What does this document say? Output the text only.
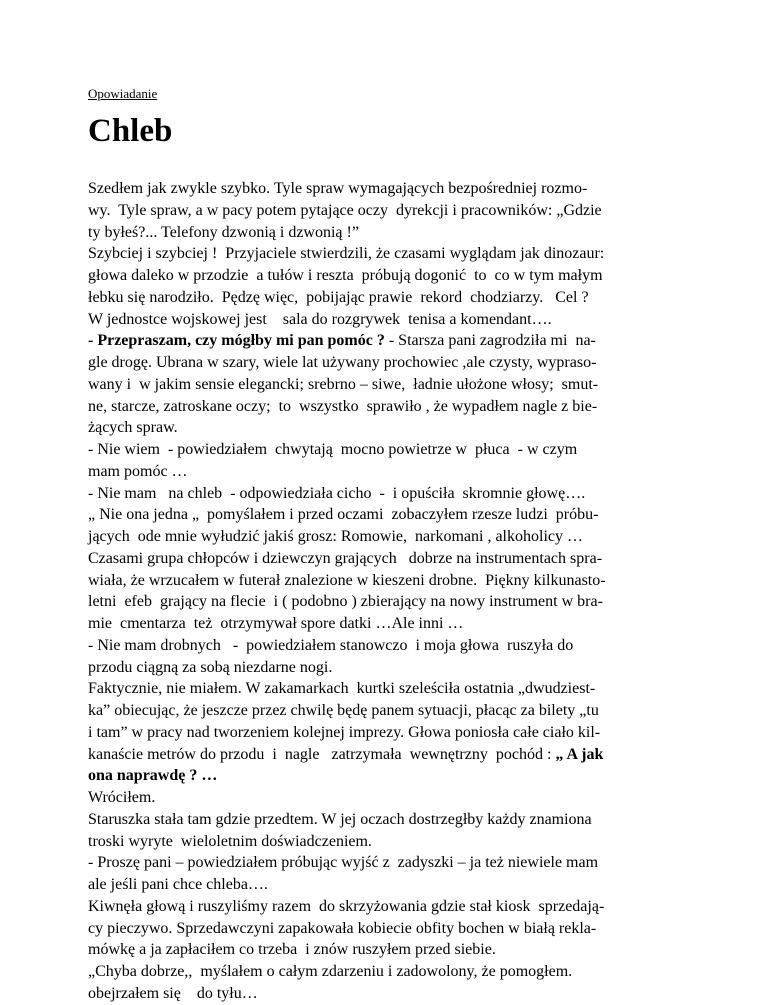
Opowiadanie

Chleb
Szedłem jak zwykle szybko. Tyle spraw wymagających bezpośredniej rozmo-
wy.  Tyle spraw, a w pacy potem pytające oczy  dyrekcji i pracowników: „Gdzie
ty byłeś?... Telefony dzwonią i dzwonią !”
Szybciej i szybciej !  Przyjaciele stwierdzili, że czasami wyglądam jak dinozaur:
głowa daleko w przodzie  a tułów i reszta  próbują dogonić  to  co w tym małym
łebku się narodziło.  Pędzę więc,  pobijając prawie  rekord  chodziarzy.   Cel ?
W jednostce wojskowej jest    sala do rozgrywek  tenisa a komendant….
- Przepraszam, czy mógłby mi pan pomóc ? - Starsza pani zagrodziła mi  na-
gle drogę. Ubrana w szary, wiele lat używany prochowiec ,ale czysty, wypraso-
wany i  w jakim sensie elegancki; srebrno – siwe,  ładnie ułożone włosy;  smut-
ne, starcze, zatroskane oczy;  to  wszystko  sprawiło , że wypadłem nagle z bie-
żących spraw.
- Nie wiem  - powiedziałem  chwytają  mocno powietrze w  płuca  - w czym
mam pomóc …
- Nie mam   na chleb  - odpowiedziała cicho  -  i opuściła  skromnie głowę….
„ Nie ona jedna „  pomyślałem i przed oczami  zobaczyłem rzesze ludzi  próbu-
jących  ode mnie wyłudzić jakiś grosz: Romowie,  narkomani , alkoholicy …
Czasami grupa chłopców i dziewczyn grających   dobrze na instrumentach spra-
wiała, że wrzucałem w futerał znalezione w kieszeni drobne.  Piękny kilkunasto-
letni  efeb  grający na flecie  i ( podobno ) zbierający na nowy instrument w bra-
mie  cmentarza  też  otrzymywał spore datki …Ale inni …
- Nie mam drobnych   -  powiedziałem stanowczo  i moja głowa  ruszyła do
przodu ciągną za sobą niezdarne nogi.
Faktycznie, nie miałem. W zakamarkach  kurtki szeleściła ostatnia „dwudziest-
ka” obiecując, że jeszcze przez chwilę będę panem sytuacji, płacąc za bilety „tu
i tam” w pracy nad tworzeniem kolejnej imprezy. Głowa poniosła całe ciało kil-
kanaście metrów do przodu  i  nagle   zatrzymała  wewnętrzny  pochód : „ A jak
ona naprawdę ? …
Wróciłem.
Staruszka stała tam gdzie przedtem. W jej oczach dostrzegłby każdy znamiona
troski wyryte  wieloletnim doświadczeniem.
- Proszę pani – powiedziałem próbując wyjść z  zadyszki – ja też niewiele mam
ale jeśli pani chce chleba….
Kiwnęła głową i ruszyliśmy razem  do skrzyżowania gdzie stał kiosk  sprzedają-
cy pieczywo. Sprzedawczyni zapakowała kobiecie obfity bochen w białą rekla-
mówkę a ja zapłaciłem co trzeba  i znów ruszyłem przed siebie.
„Chyba dobrze,,  myślałem o całym zdarzeniu i zadowolony, że pomogłem.
obejrzałem się    do tyłu…
